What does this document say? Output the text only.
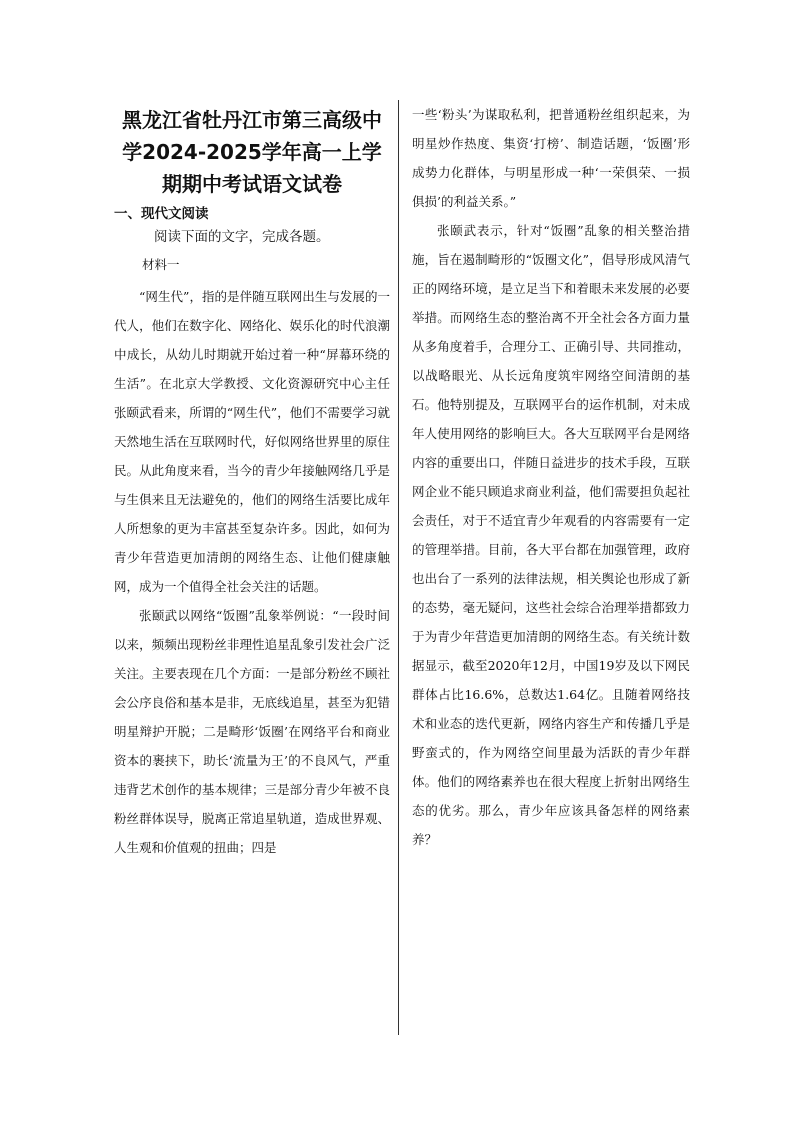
黑龙江省牡丹江市第三高级中学2024-2025学年高一上学期期中考试语文试卷
一、现代文阅读
阅读下面的文字，完成各题。
材料一

“网生代”，指的是伴随互联网出生与发展的一代人，他们在数字化、网络化、娱乐化的时代浪潮中成长，从幼儿时期就开始过着一种“屏幕环绕的生活”。在北京大学教授、文化资源研究中心主任张颐武看来，所谓的“网生代”，他们不需要学习就天然地生活在互联网时代，好似网络世界里的原住民。从此角度来看，当今的青少年接触网络几乎是与生俱来且无法避免的，他们的网络生活要比成年人所想象的更为丰富甚至复杂许多。因此，如何为青少年营造更加清朗的网络生态、让他们健康触网，成为一个值得全社会关注的话题。

张颐武以网络“饭圈”乱象举例说：“一段时间以来，频频出现粉丝非理性追星乱象引发社会广泛关注。主要表现在几个方面：一是部分粉丝不顾社会公序良俗和基本是非，无底线追星，甚至为犯错明星辩护开脱；二是畸形‘饭圈’在网络平台和商业资本的裹挟下，助长‘流量为王’的不良风气，严重违背艺术创作的基本规律；三是部分青少年被不良粉丝群体误导，脱离正常追星轨道，造成世界观、人生观和价值观的扭曲；四是

一些‘粉头’为谋取私利，把普通粉丝组织起来，为明星炒作热度、集资‘打榜’、制造话题，‘饭圈’形成势力化群体，与明星形成一种‘一荣俱荣、一损俱损’的利益关系。”

张颐武表示，针对“饭圈”乱象的相关整治措施，旨在遏制畸形的“饭圈文化”，倡导形成风清气正的网络环境，是立足当下和着眼未来发展的必要举措。而网络生态的整治离不开全社会各方面力量从多角度着手，合理分工、正确引导、共同推动，以战略眼光、从长远角度筑牢网络空间清朗的基石。他特别提及，互联网平台的运作机制，对未成年人使用网络的影响巨大。各大互联网平台是网络内容的重要出口，伴随日益进步的技术手段，互联网企业不能只顾追求商业利益，他们需要担负起社会责任，对于不适宜青少年观看的内容需要有一定的管理举措。目前，各大平台都在加强管理，政府也出台了一系列的法律法规，相关舆论也形成了新的态势，毫无疑问，这些社会综合治理举措都致力于为青少年营造更加清朗的网络生态。有关统计数据显示，截至2020年12月，中国19岁及以下网民群体占比16.6%，总数达1.64亿。且随着网络技术和业态的迭代更新，网络内容生产和传播几乎是野蛮式的，作为网络空间里最为活跃的青少年群体。他们的网络素养也在很大程度上折射出网络生态的优劣。那么，青少年应该具备怎样的网络素养？
